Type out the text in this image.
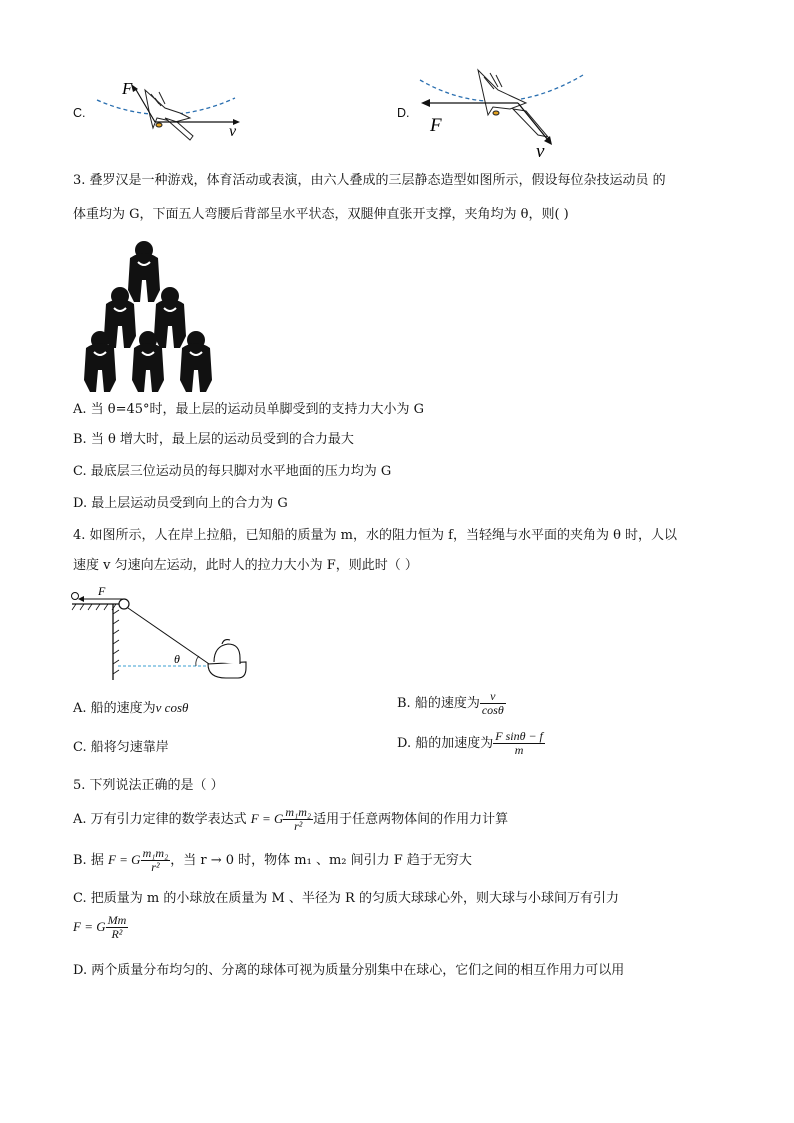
C.
F
v
D.
F
v
3. 叠罗汉是一种游戏，体育活动或表演，由六人叠成的三层静态造型如图所示，假设每位杂技运动员 的
体重均为 G，下面五人弯腰后背部呈水平状态，双腿伸直张开支撑，夹角均为 θ，则( )
A. 当 θ=45°时，最上层的运动员单脚受到的支持力大小为 G
B. 当 θ 增大时，最上层的运动员受到的合力最大
C. 最底层三位运动员的每只脚对水平地面的压力均为 G
D. 最上层运动员受到向上的合力为 G
4. 如图所示，人在岸上拉船，已知船的质量为 m，水的阻力恒为 f，当轻绳与水平面的夹角为 θ 时，人以
速度 v 匀速向左运动，此时人的拉力大小为 F，则此时（ ）
F
θ
A. 船的速度为v cosθ	B. 船的速度为 $\frac{v}{\cos\theta}$
C. 船将匀速靠岸	D. 船的加速度为 $\frac{\text{F sinθ − f}}{m}$
5. 下列说法正确的是（ ）
A. 万有引力定律的数学表达式 F = G $\frac{\text{m₁m₂}}{\text{r²}}$ 适用于任意两物体间的作用力计算
B. 据 F = G $\frac{\text{m₁m₂}}{\text{r²}}$ ，当 r → 0 时，物体 m₁ 、m₂ 间引力 F 趋于无穷大
C. 把质量为 m 的小球放在质量为 M 、半径为 R 的匀质大球球心外，则大球与小球间万有引力
F = G $\frac{Mm}{\text{R²}}$
D. 两个质量分布均匀的、分离的球体可视为质量分别集中在球心，它们之间的相互作用力可以用
